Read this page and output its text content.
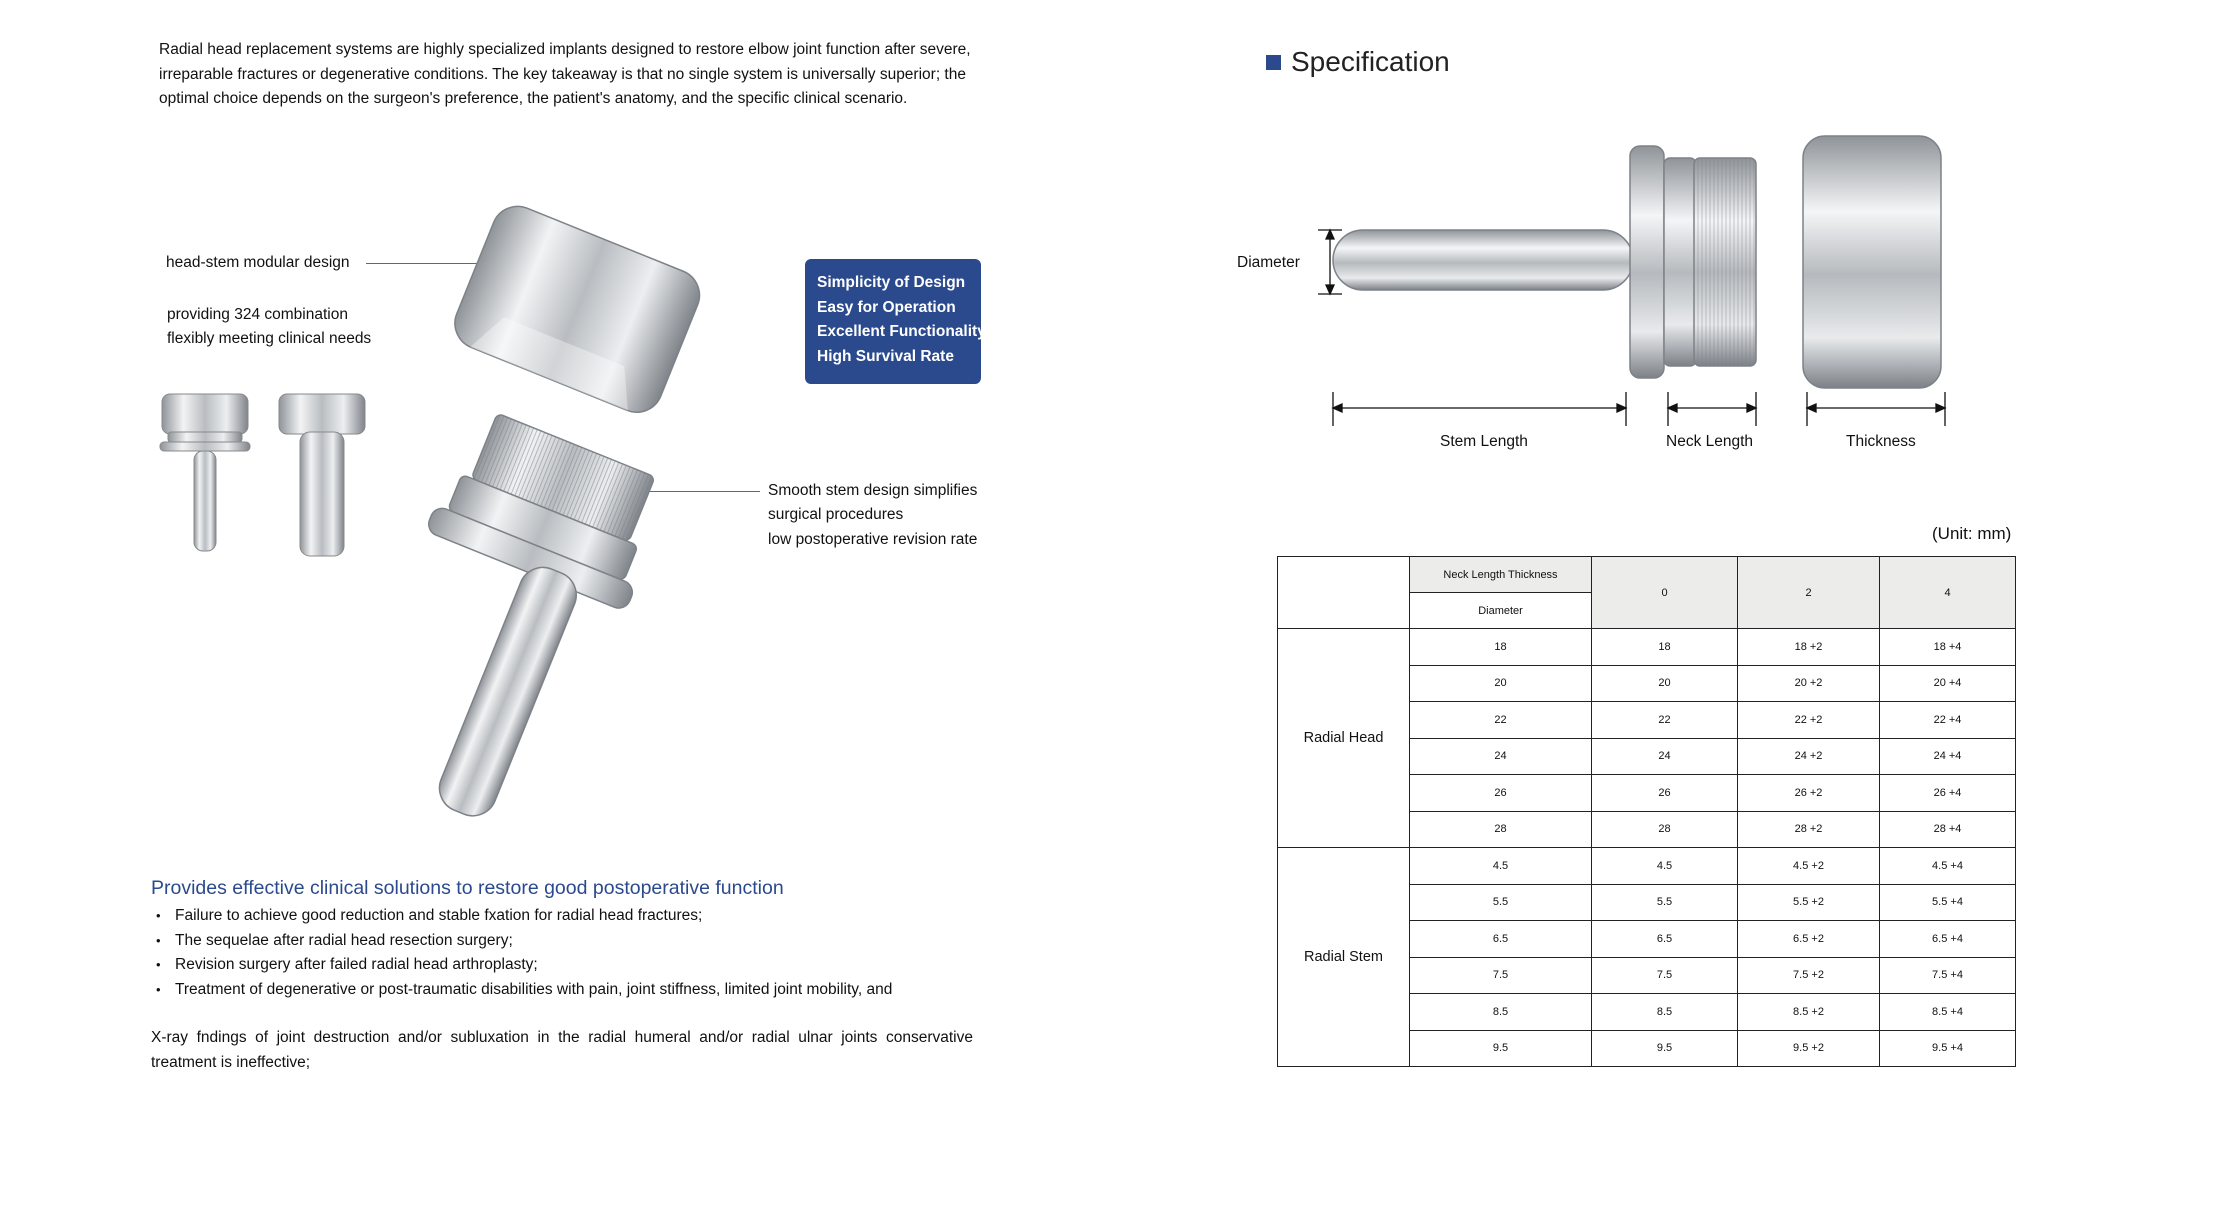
Radial head replacement systems are highly specialized implants designed to restore elbow joint function after severe, irreparable fractures or degenerative conditions. The key takeaway is that no single system is universally superior; the optimal choice depends on the surgeon's preference, the patient's anatomy, and the specific clinical scenario.
head-stem modular design
providing 324 combination
flexibly meeting clinical needs
Smooth stem design simplifies
surgical procedures
low postoperative revision rate
Simplicity of Design
Easy for Operation
Excellent Functionality
High Survival Rate
Provides effective clinical solutions to restore good postoperative function
• Failure to achieve good reduction and stable fxation for radial head fractures;
• The sequelae after radial head resection surgery;
• Revision surgery after failed radial head arthroplasty;
• Treatment of degenerative or post-traumatic disabilities with pain, joint stiffness, limited joint mobility, and
X-ray fndings of joint destruction and/or subluxation in the radial humeral and/or radial ulnar joints conservative treatment is ineffective;
Specification
Diameter
Stem Length	Neck Length	Thickness
(Unit: mm)
	Neck Length Thickness	0	2	4
	Diameter			
Radial Head	18	18	18 +2	18 +4
	20	20	20 +2	20 +4
	22	22	22 +2	22 +4
	24	24	24 +2	24 +4
	26	26	26 +2	26 +4
	28	28	28 +2	28 +4
Radial Stem	4.5	4.5	4.5 +2	4.5 +4
	5.5	5.5	5.5 +2	5.5 +4
	6.5	6.5	6.5 +2	6.5 +4
	7.5	7.5	7.5 +2	7.5 +4
	8.5	8.5	8.5 +2	8.5 +4
	9.5	9.5	9.5 +2	9.5 +4
